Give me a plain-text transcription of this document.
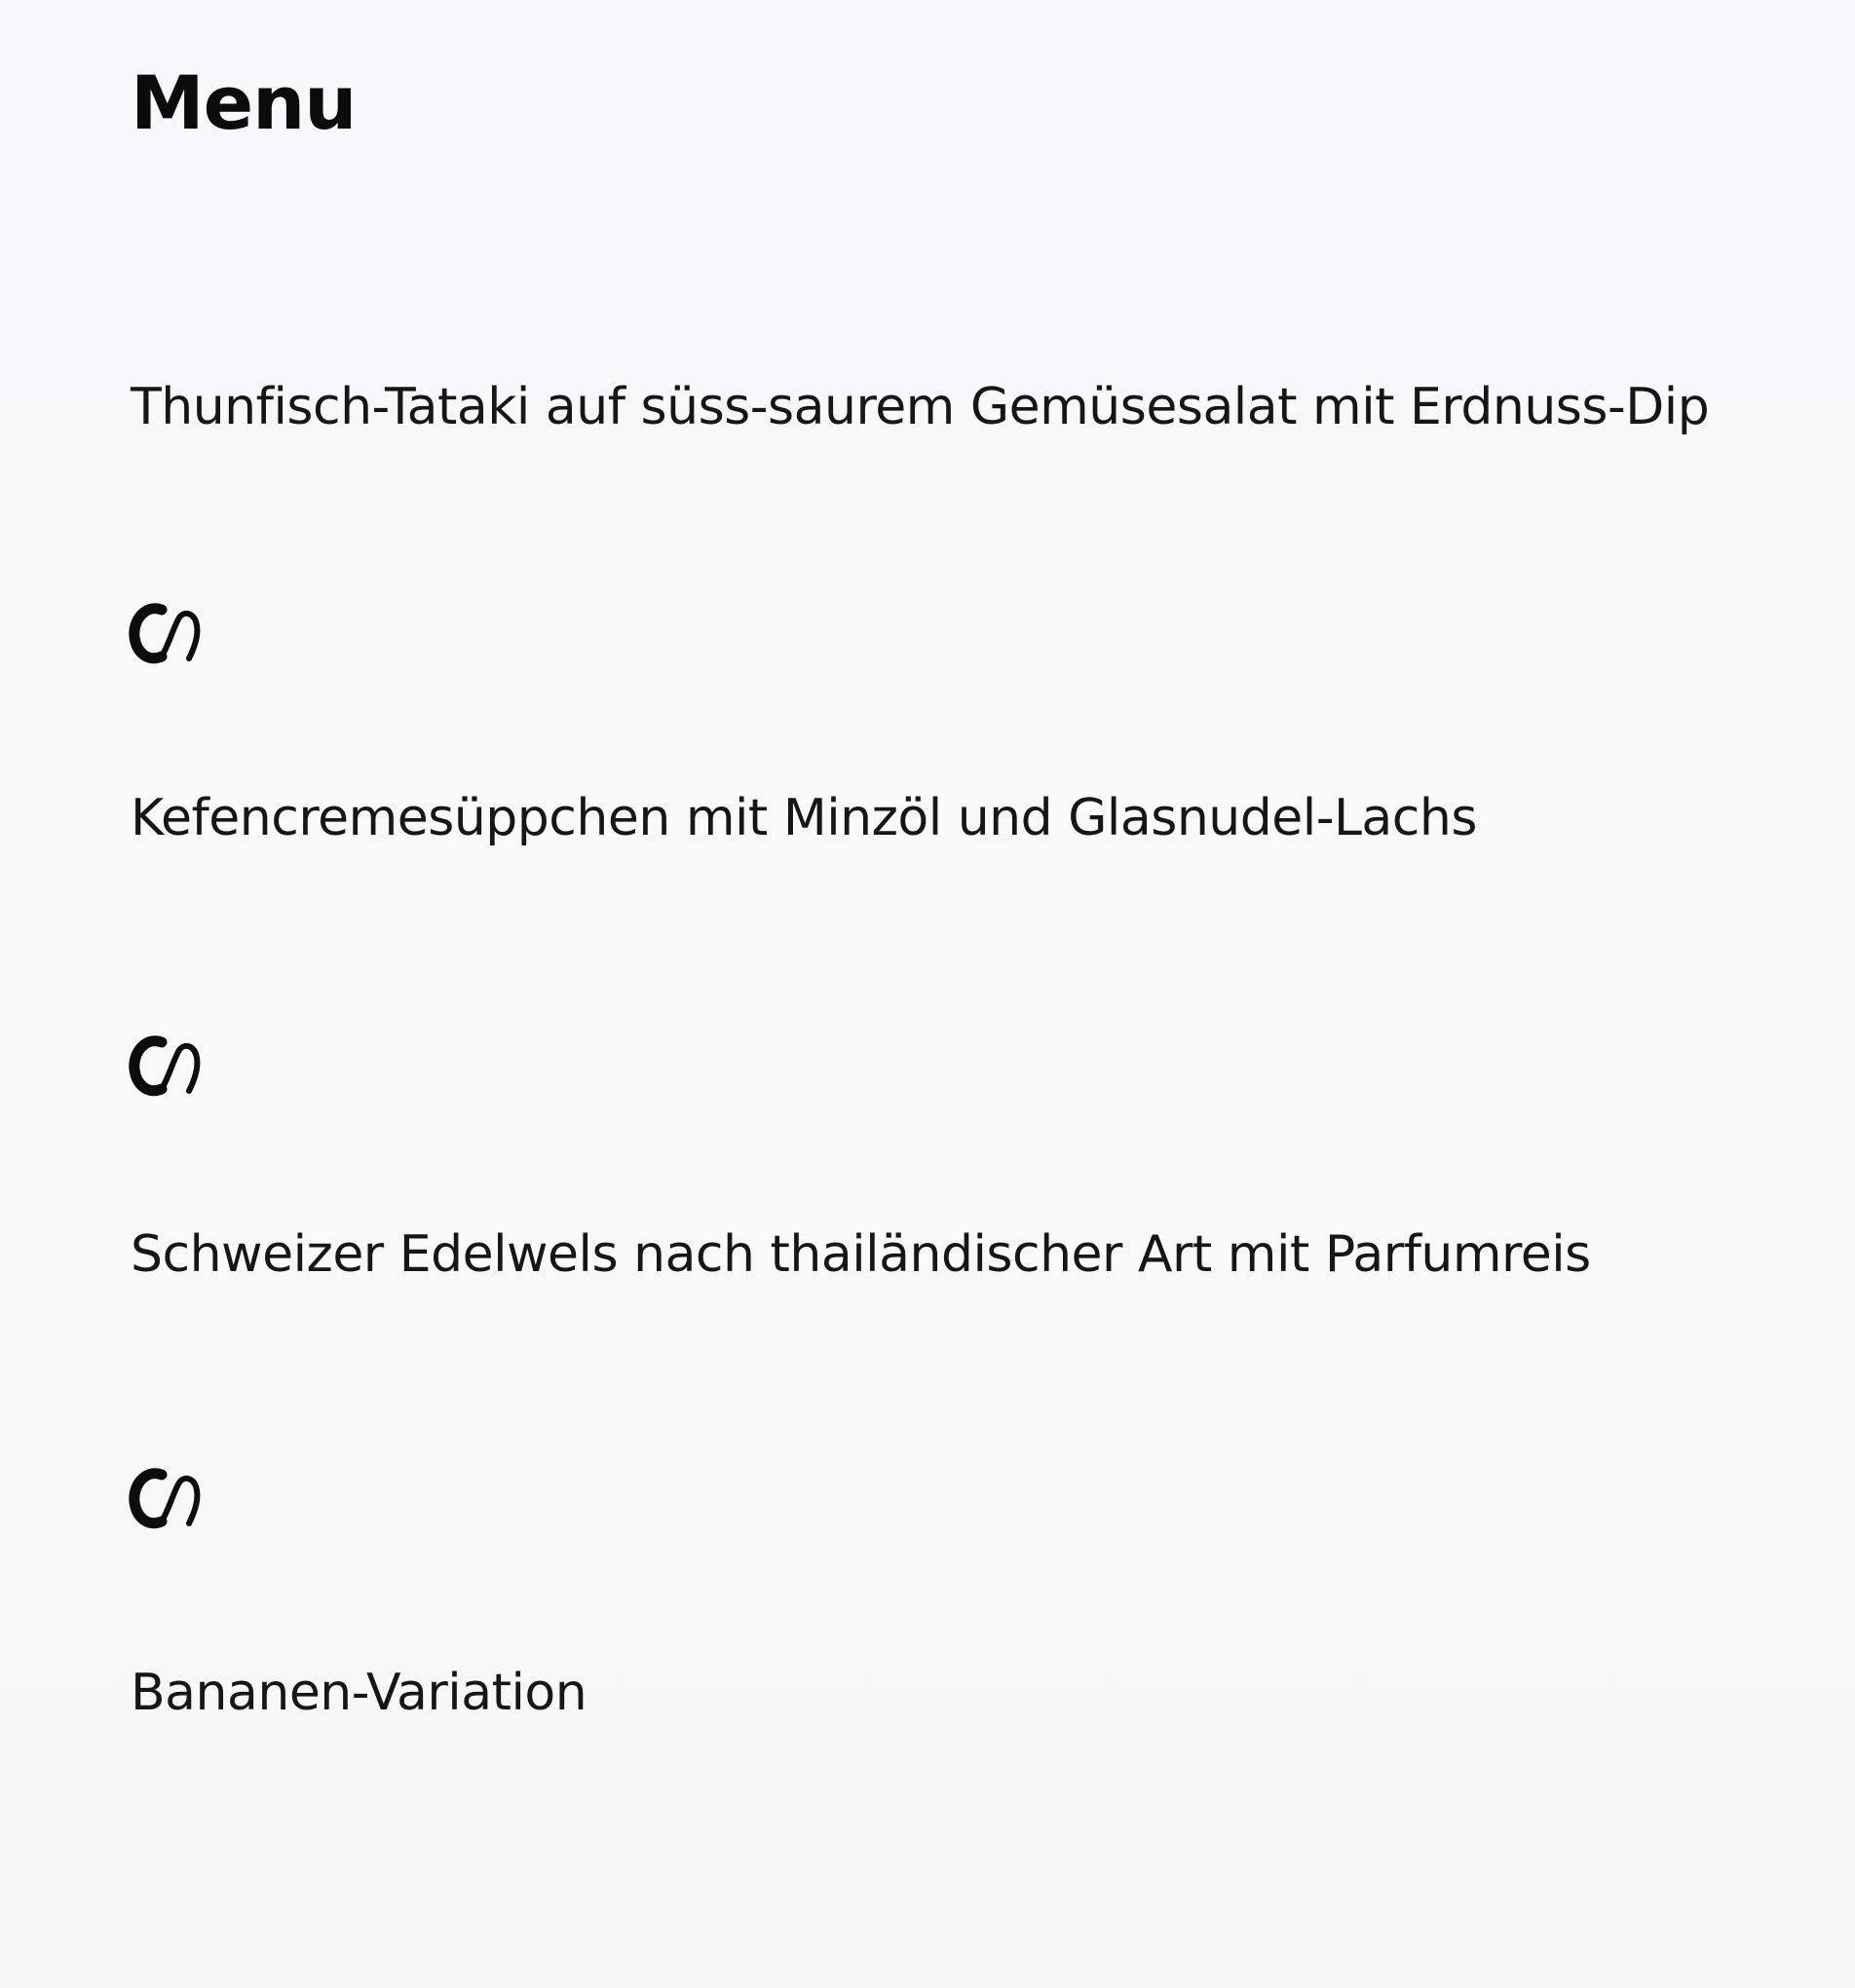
Menu
Thunfisch-Tataki auf süss-saurem Gemüsesalat mit Erdnuss-Dip
Kefencremesüppchen mit Minzöl und Glasnudel-Lachs
Schweizer Edelwels nach thailändischer Art mit Parfumreis
Bananen-Variation
